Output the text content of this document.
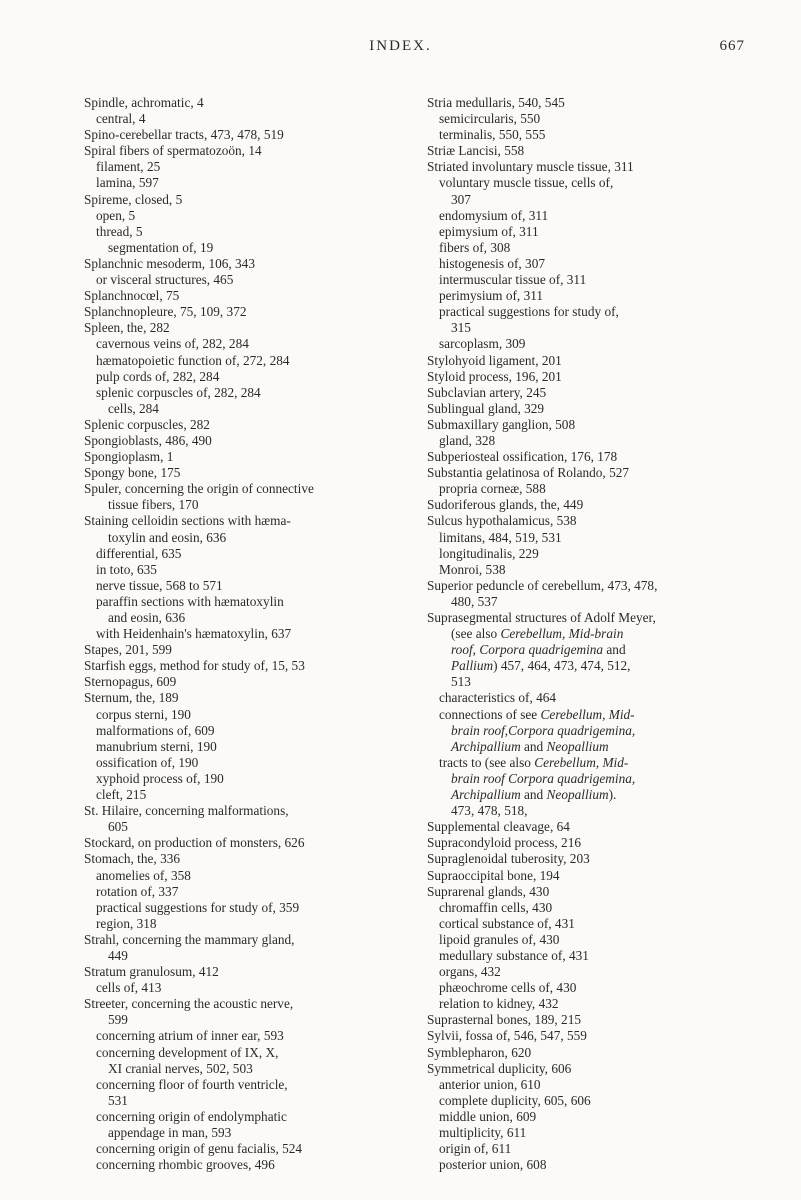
INDEX.	667
Spindle, achromatic, 4
central, 4
Spino-cerebellar tracts, 473, 478, 519
Spiral fibers of spermatozoön, 14
filament, 25
lamina, 597
Spireme, closed, 5
open, 5
thread, 5
segmentation of, 19
Splanchnic mesoderm, 106, 343
or visceral structures, 465
Splanchnocœl, 75
Splanchnopleure, 75, 109, 372
Spleen, the, 282
cavernous veins of, 282, 284
hæmatopoietic function of, 272, 284
pulp cords of, 282, 284
splenic corpuscles of, 282, 284
cells, 284
Splenic corpuscles, 282
Spongioblasts, 486, 490
Spongioplasm, 1
Spongy bone, 175
Spuler, concerning the origin of connective
tissue fibers, 170
Staining celloidin sections with hæma-
toxylin and eosin, 636
differential, 635
in toto, 635
nerve tissue, 568 to 571
paraffin sections with hæmatoxylin
and eosin, 636
with Heidenhain's hæmatoxylin, 637
Stapes, 201, 599
Starfish eggs, method for study of, 15, 53
Sternopagus, 609
Sternum, the, 189
corpus sterni, 190
malformations of, 609
manubrium sterni, 190
ossification of, 190
xyphoid process of, 190
cleft, 215
St. Hilaire, concerning malformations,
605
Stockard, on production of monsters, 626
Stomach, the, 336
anomelies of, 358
rotation of, 337
practical suggestions for study of, 359
region, 318
Strahl, concerning the mammary gland,
449
Stratum granulosum, 412
cells of, 413
Streeter, concerning the acoustic nerve,
599
concerning atrium of inner ear, 593
concerning development of IX, X,
XI cranial nerves, 502, 503
concerning floor of fourth ventricle,
531
concerning origin of endolymphatic
appendage in man, 593
concerning origin of genu facialis, 524
concerning rhombic grooves, 496
Stria medullaris, 540, 545
semicircularis, 550
terminalis, 550, 555
Striæ Lancisi, 558
Striated involuntary muscle tissue, 311
voluntary muscle tissue, cells of,
307
endomysium of, 311
epimysium of, 311
fibers of, 308
histogenesis of, 307
intermuscular tissue of, 311
perimysium of, 311
practical suggestions for study of,
315
sarcoplasm, 309
Stylohyoid ligament, 201
Styloid process, 196, 201
Subclavian artery, 245
Sublingual gland, 329
Submaxillary ganglion, 508
gland, 328
Subperiosteal ossification, 176, 178
Substantia gelatinosa of Rolando, 527
propria corneæ, 588
Sudoriferous glands, the, 449
Sulcus hypothalamicus, 538
limitans, 484, 519, 531
longitudinalis, 229
Monroi, 538
Superior peduncle of cerebellum, 473, 478,
480, 537
Suprasegmental structures of Adolf Meyer,
(see also Cerebellum, Mid-brain
roof, Corpora quadrigemina and
Pallium) 457, 464, 473, 474, 512,
513
characteristics of, 464
connections of see Cerebellum, Mid-
brain roof,Corpora quadrigemina,
Archipallium and Neopallium
tracts to (see also Cerebellum, Mid-
brain roof Corpora quadrigemina,
Archipallium and Neopallium).
473, 478, 518,
Supplemental cleavage, 64
Supracondyloid process, 216
Supraglenoidal tuberosity, 203
Supraoccipital bone, 194
Suprarenal glands, 430
chromaffin cells, 430
cortical substance of, 431
lipoid granules of, 430
medullary substance of, 431
organs, 432
phæochrome cells of, 430
relation to kidney, 432
Suprasternal bones, 189, 215
Sylvii, fossa of, 546, 547, 559
Symblepharon, 620
Symmetrical duplicity, 606
anterior union, 610
complete duplicity, 605, 606
middle union, 609
multiplicity, 611
origin of, 611
posterior union, 608
